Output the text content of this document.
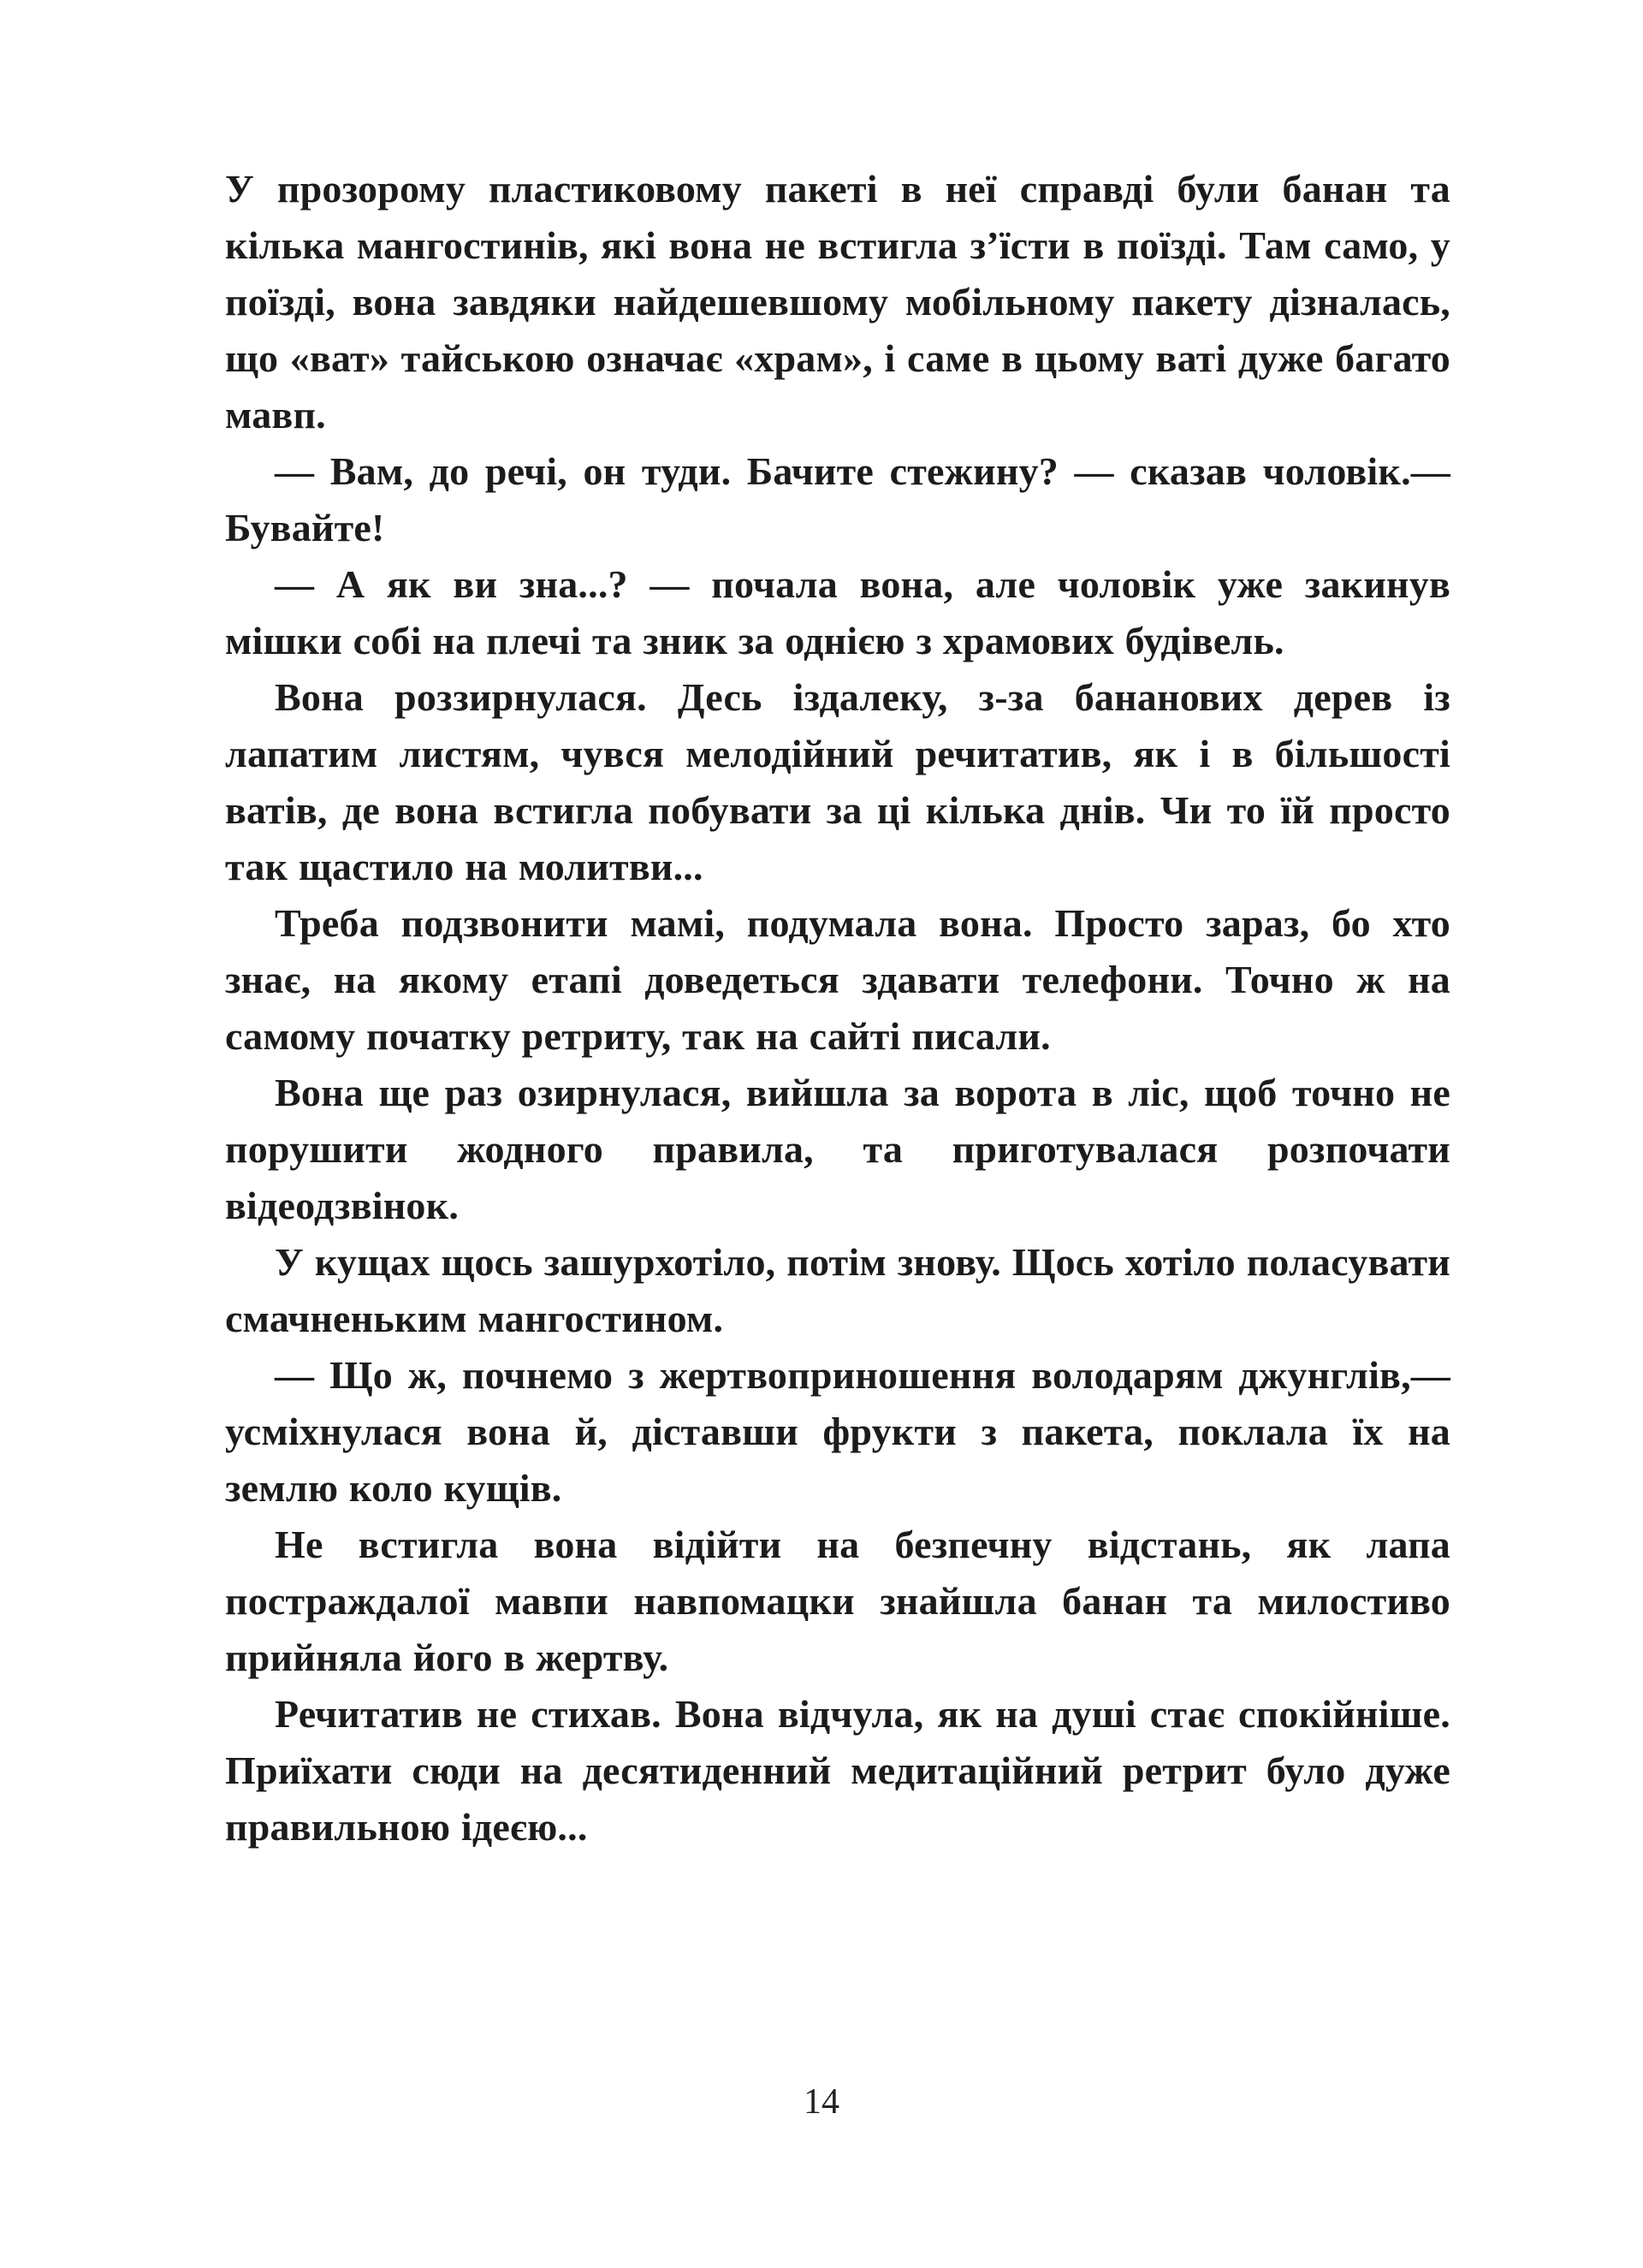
У прозорому пластиковому пакеті в неї справді були банан та кілька мангостинів, які вона не встигла з’їсти в поїзді. Там само, у поїзді, вона завдяки найдешевшому мобільному пакету дізналась, що «ват» тайською означає «храм», і саме в цьому ваті дуже багато мавп.

— Вам, до речі, он туди. Бачите стежину? — сказав чоловік.— Бувайте!

— А як ви зна...? — почала вона, але чоловік уже закинув мішки собі на плечі та зник за однією з храмових будівель.

Вона роззирнулася. Десь іздалеку, з-за бананових дерев із лапатим листям, чувся мелодійний речитатив, як і в більшості ватів, де вона встигла побувати за ці кілька днів. Чи то їй просто так щастило на молитви...

Треба подзвонити мамі, подумала вона. Просто зараз, бо хто знає, на якому етапі доведеться здавати телефони. Точно ж на самому початку ретриту, так на сайті писали.

Вона ще раз озирнулася, вийшла за ворота в ліс, щоб точно не порушити жодного правила, та приготувалася розпочати відеодзвінок.

У кущах щось зашурхотіло, потім знову. Щось хотіло поласувати смачненьким мангостином.

— Що ж, почнемо з жертвоприношення володарям джунглів,— усміхнулася вона й, діставши фрукти з пакета, поклала їх на землю коло кущів.

Не встигла вона відійти на безпечну відстань, як лапа постраждалої мавпи навпомацки знайшла банан та милостиво прийняла його в жертву.

Речитатив не стихав. Вона відчула, як на душі стає спокійніше. Приїхати сюди на десятиденний медитаційний ретрит було дуже правильною ідеєю...

14
